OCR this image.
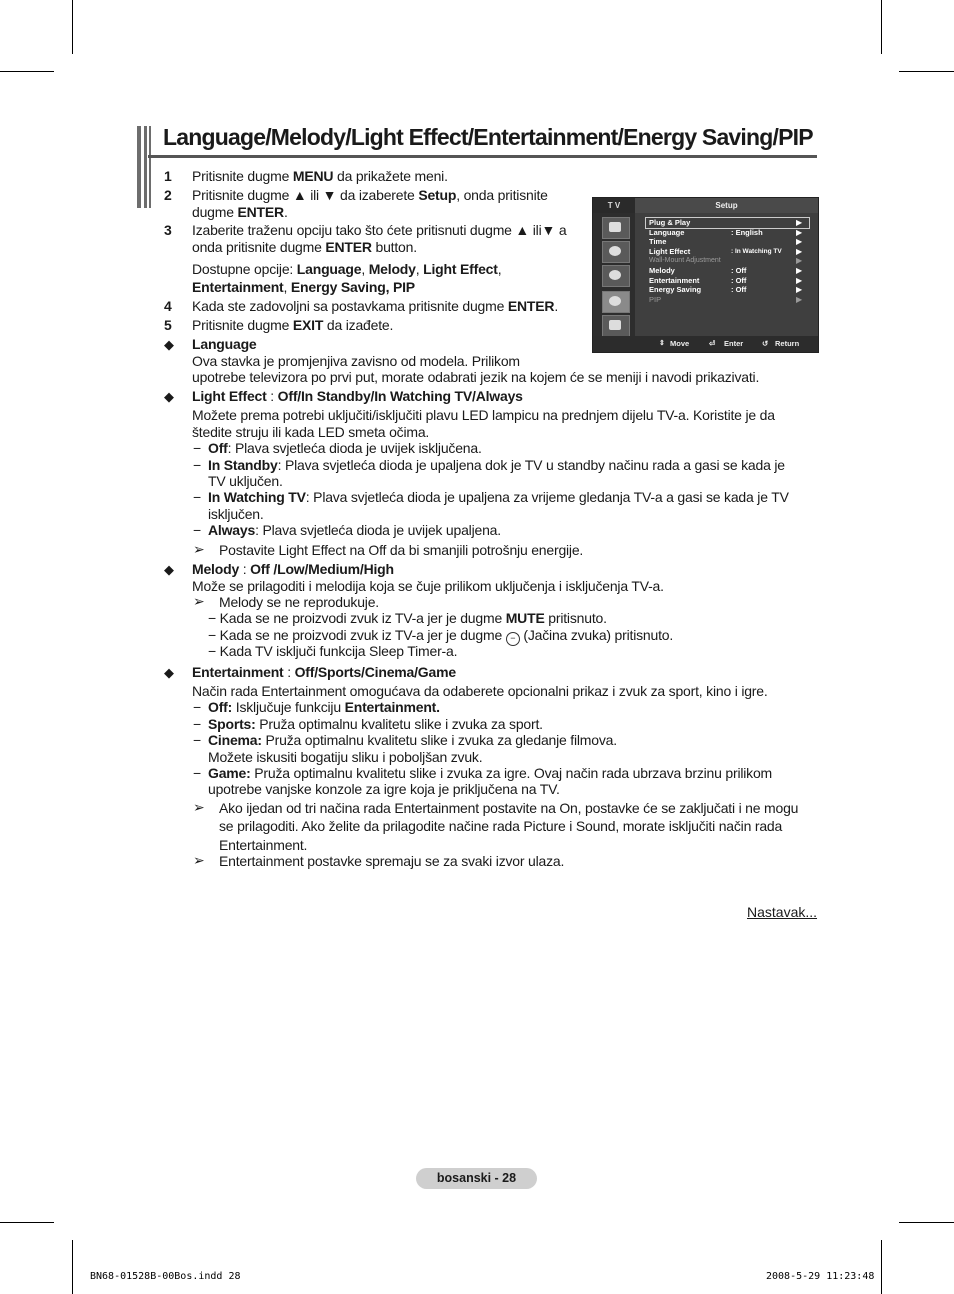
Language/Melody/Light Effect/Entertainment/Energy Saving/PIP
1 Pritisnite dugme MENU da prikažete meni.
2 Pritisnite dugme ▲ ili ▼ da izaberete Setup, onda pritisnite
dugme ENTER.
3 Izaberite traženu opciju tako što ćete pritisnuti dugme ▲ ili▼ a
onda pritisnite dugme ENTER button.
Dostupne opcije: Language, Melody, Light Effect,
Entertainment, Energy Saving, PIP
4 Kada ste zadovoljni sa postavkama pritisnite dugme ENTER.
5 Pritisnite dugme EXIT da izađete.
◆ Language
Ova stavka je promjenjiva zavisno od modela. Prilikom
upotrebe televizora po prvi put, morate odabrati jezik na kojem će se meniji i navodi prikazivati.
◆ Light Effect : Off/In Standby/In Watching TV/Always
Možete prema potrebi uključiti/isključiti plavu LED lampicu na prednjem dijelu TV-a. Koristite je da
štedite struju ili kada LED smeta očima.
− Off: Plava svjetleća dioda je uvijek isključena.
− In Standby: Plava svjetleća dioda je upaljena dok je TV u standby načinu rada a gasi se kada je
TV uključen.
− In Watching TV: Plava svjetleća dioda je upaljena za vrijeme gledanja TV-a a gasi se kada je TV
isključen.
− Always: Plava svjetleća dioda je uvijek upaljena.
➢ Postavite Light Effect na Off da bi smanjili potrošnju energije.
◆ Melody : Off /Low/Medium/High
Može se prilagoditi i melodija koja se čuje prilikom uključenja i isključenja TV-a.
➢ Melody se ne reprodukuje.
− Kada se ne proizvodi zvuk iz TV-a jer je dugme MUTE pritisnuto.
− Kada se ne proizvodi zvuk iz TV-a jer je dugme − (Jačina zvuka) pritisnuto.
− Kada TV isključi funkcija Sleep Timer-a.
◆ Entertainment : Off/Sports/Cinema/Game
Način rada Entertainment omogućava da odaberete opcionalni prikaz i zvuk za sport, kino i igre.
− Off: Isključuje funkciju Entertainment.
− Sports: Pruža optimalnu kvalitetu slike i zvuka za sport.
− Cinema: Pruža optimalnu kvalitetu slike i zvuka za gledanje filmova.
Možete iskusiti bogatiju sliku i poboljšan zvuk.
− Game: Pruža optimalnu kvalitetu slike i zvuka za igre. Ovaj način rada ubrzava brzinu prilikom
upotrebe vanjske konzole za igre koja je priključena na TV.
➢ Ako ijedan od tri načina rada Entertainment postavite na On, postavke će se zaključati i ne mogu
se prilagoditi. Ako želite da prilagodite načine rada Picture i Sound, morate isključiti način rada
Entertainment.
➢ Entertainment postavke spremaju se za svaki izvor ulaza.
Nastavak...
T V	Setup
Plug & Play	▶
Language	: English	▶
Time	▶
Light Effect	: In Watching TV ▶
Wall-Mount Adjustment	▶
Melody	: Off	▶
Entertainment	: Off	▶
Energy Saving	: Off	▶
PIP	▶
⇕ Move	⏎ Enter	↺ Return
bosanski - 28
BN68-01528B-00Bos.indd 28	2008-5-29 11:23:48
